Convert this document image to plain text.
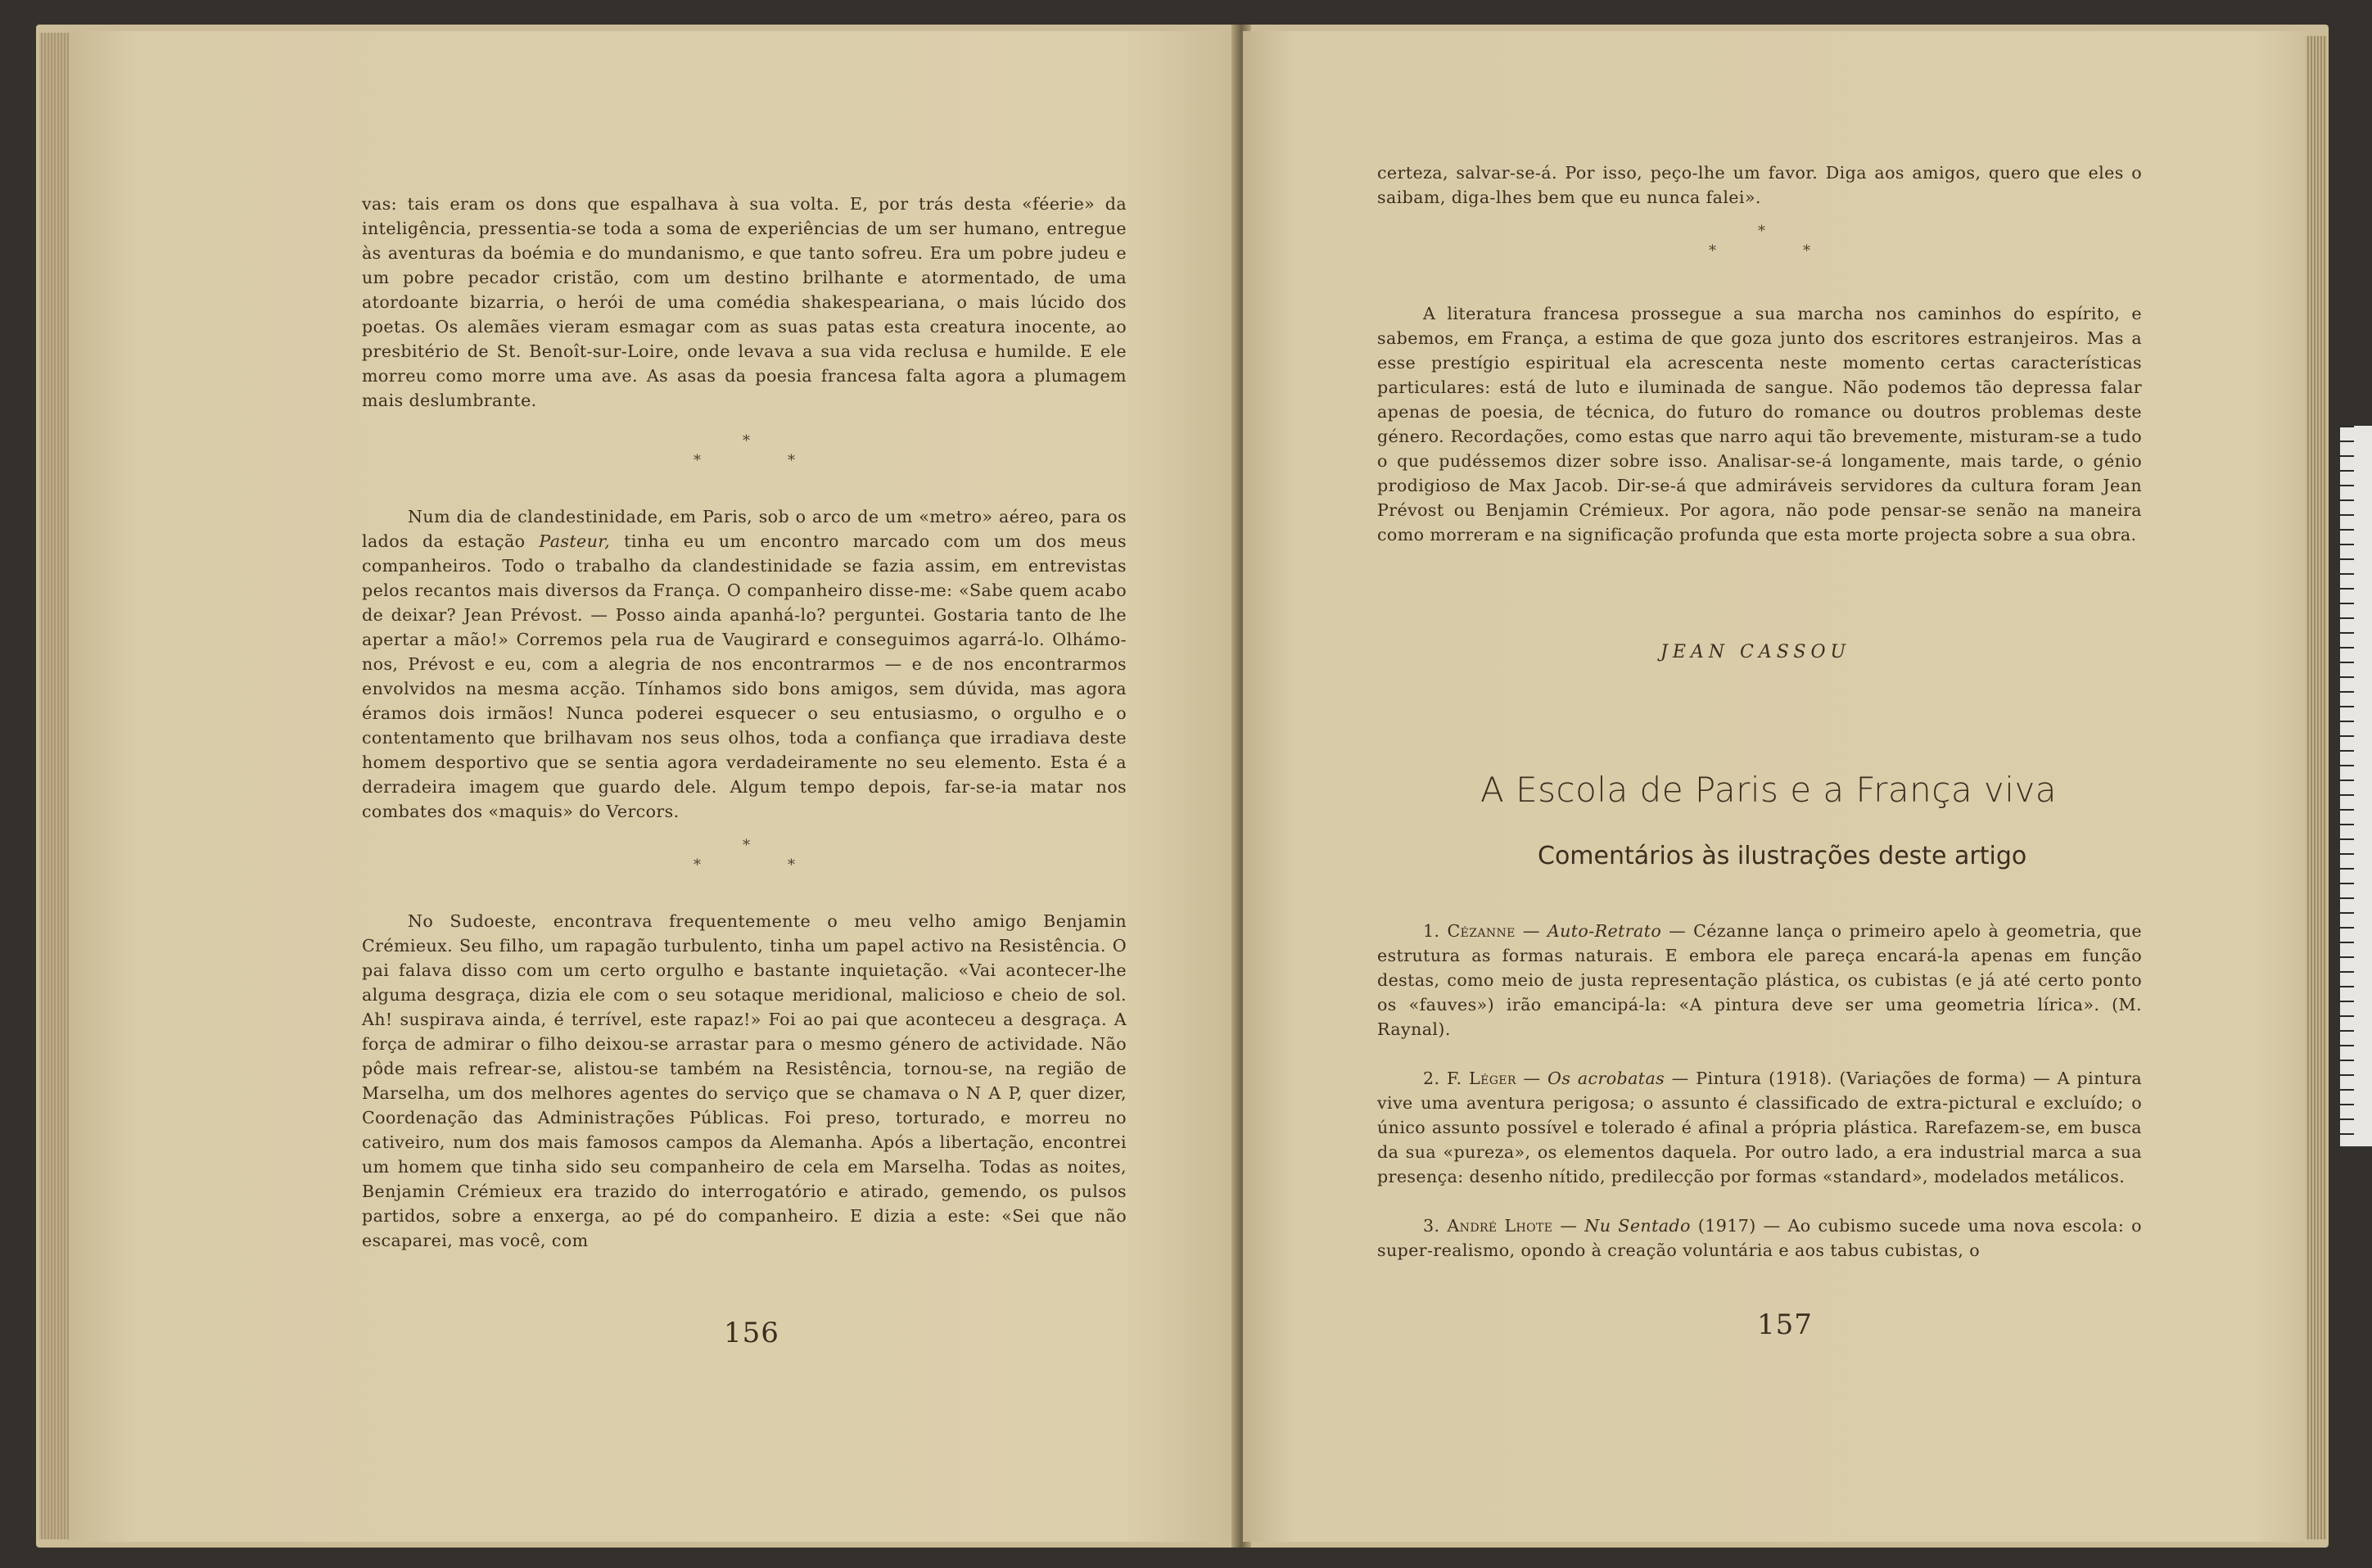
vas: tais eram os dons que espalhava à sua volta. E, por trás desta «féerie» da inteligência, pressentia-se toda a soma de experiências de um ser humano, entregue às aventuras da boémia e do mundanismo, e que tanto sofreu. Era um pobre judeu e um pobre pecador cristão, com um destino brilhante e atormentado, de uma atordoante bizarria, o herói de uma comédia shakespeariana, o mais lúcido dos poetas. Os alemães vieram esmagar com as suas patas esta creatura inocente, ao presbitério de St. Benoît-sur-Loire, onde levava a sua vida reclusa e humilde. E ele morreu como morre uma ave. As asas da poesia francesa falta agora a plumagem mais deslumbrante.

*
*	*

Num dia de clandestinidade, em Paris, sob o arco de um «metro» aéreo, para os lados da estação Pasteur, tinha eu um encontro marcado com um dos meus companheiros. Todo o trabalho da clandestinidade se fazia assim, em entrevistas pelos recantos mais diversos da França. O companheiro disse-me: «Sabe quem acabo de deixar? Jean Prévost. — Posso ainda apanhá-lo? perguntei. Gostaria tanto de lhe apertar a mão!» Corremos pela rua de Vaugirard e conseguimos agarrá-lo. Olhámo-nos, Prévost e eu, com a alegria de nos encontrarmos — e de nos encontrarmos envolvidos na mesma acção. Tínhamos sido bons amigos, sem dúvida, mas agora éramos dois irmãos! Nunca poderei esquecer o seu entusiasmo, o orgulho e o contentamento que brilhavam nos seus olhos, toda a confiança que irradiava deste homem desportivo que se sentia agora verdadeiramente no seu elemento. Esta é a derradeira imagem que guardo dele. Algum tempo depois, far-se-ia matar nos combates dos «maquis» do Vercors.

*
*	*

No Sudoeste, encontrava frequentemente o meu velho amigo Benjamin Crémieux. Seu filho, um rapagão turbulento, tinha um papel activo na Resistência. O pai falava disso com um certo orgulho e bastante inquietação. «Vai acontecer-lhe alguma desgraça, dizia ele com o seu sotaque meridional, malicioso e cheio de sol. Ah! suspirava ainda, é terrível, este rapaz!» Foi ao pai que aconteceu a desgraça. A força de admirar o filho deixou-se arrastar para o mesmo género de actividade. Não pôde mais refrear-se, alistou-se também na Resistência, tornou-se, na região de Marselha, um dos melhores agentes do serviço que se chamava o N A P, quer dizer, Coordenação das Administrações Públicas. Foi preso, torturado, e morreu no cativeiro, num dos mais famosos campos da Alemanha. Após a libertação, encontrei um homem que tinha sido seu companheiro de cela em Marselha. Todas as noites, Benjamin Crémieux era trazido do interrogatório e atirado, gemendo, os pulsos partidos, sobre a enxerga, ao pé do companheiro. E dizia a este: «Sei que não escaparei, mas você, com

156

certeza, salvar-se-á. Por isso, peço-lhe um favor. Diga aos amigos, quero que eles o saibam, diga-lhes bem que eu nunca falei».

*
*	*

A literatura francesa prossegue a sua marcha nos caminhos do espírito, e sabemos, em França, a estima de que goza junto dos escritores estranjeiros. Mas a esse prestígio espiritual ela acrescenta neste momento certas características particulares: está de luto e iluminada de sangue. Não podemos tão depressa falar apenas de poesia, de técnica, do futuro do romance ou doutros problemas deste género. Recordações, como estas que narro aqui tão brevemente, misturam-se a tudo o que pudéssemos dizer sobre isso. Analisar-se-á longamente, mais tarde, o génio prodigioso de Max Jacob. Dir-se-á que admiráveis servidores da cultura foram Jean Prévost ou Benjamin Crémieux. Por agora, não pode pensar-se senão na maneira como morreram e na significação profunda que esta morte projecta sobre a sua obra.

JEAN CASSOU
A Escola de Paris e a França viva
Comentários às ilustrações deste artigo

1. Cézanne — Auto-Retrato — Cézanne lança o primeiro apelo à geometria, que estrutura as formas naturais. E embora ele pareça encará-la apenas em função destas, como meio de justa representação plástica, os cubistas (e já até certo ponto os «fauves») irão emancipá-la: «A pintura deve ser uma geometria lírica». (M. Raynal).

2. F. Léger — Os acrobatas — Pintura (1918). (Variações de forma) — A pintura vive uma aventura perigosa; o assunto é classificado de extra-pictural e excluído; o único assunto possível e tolerado é afinal a própria plástica. Rarefazem-se, em busca da sua «pureza», os elementos daquela. Por outro lado, a era industrial marca a sua presença: desenho nítido, predilecção por formas «standard», modelados metálicos.

3. André Lhote — Nu Sentado (1917) — Ao cubismo sucede uma nova escola: o super-realismo, opondo à creação voluntária e aos tabus cubistas, o

157
